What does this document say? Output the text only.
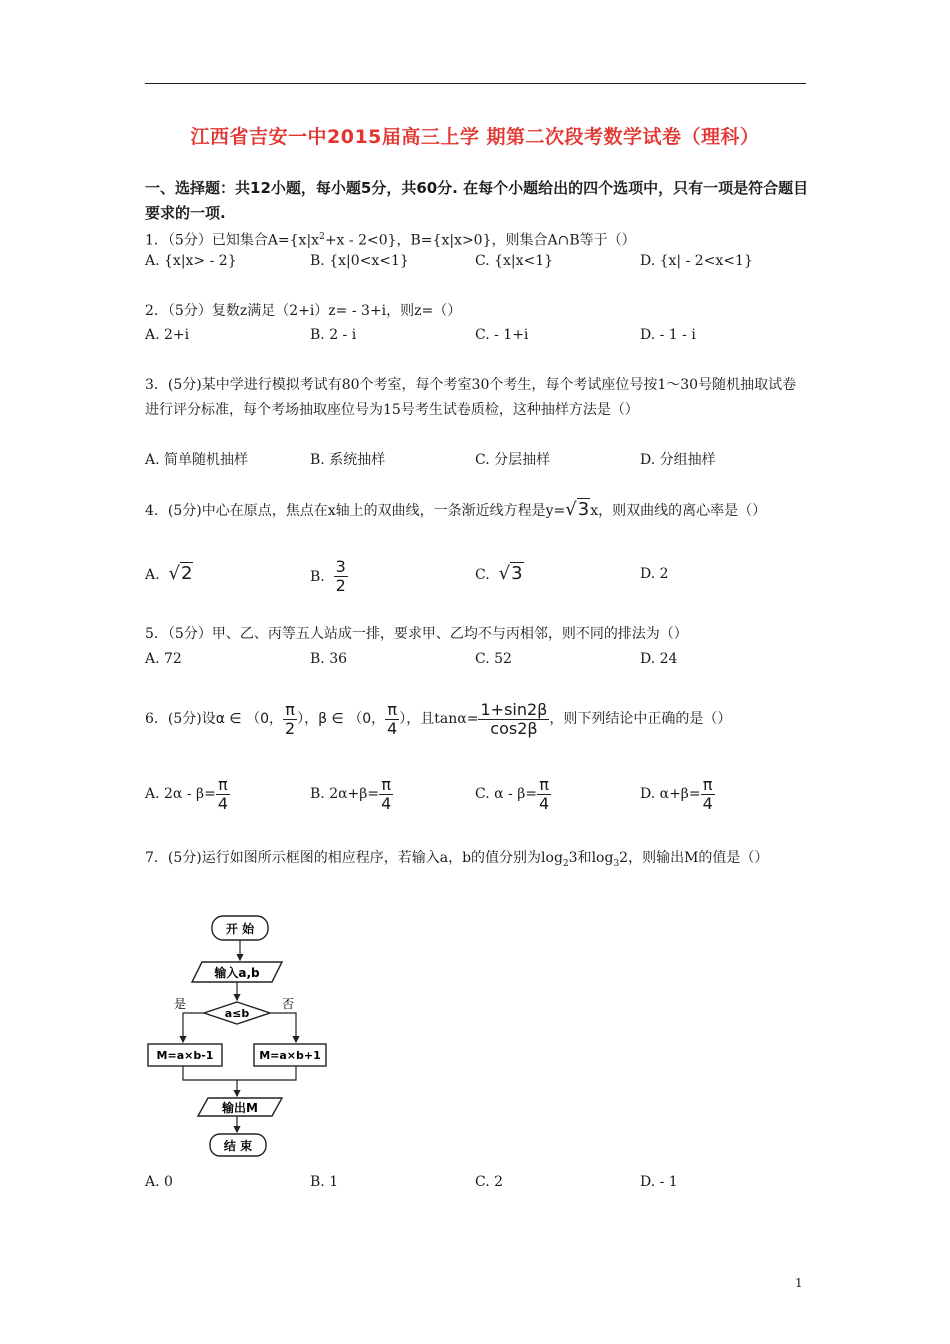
江西省吉安一中2015届高三上学 期第二次段考数学试卷（理科）
一、选择题：共12小题，每小题5分，共60分. 在每个小题给出的四个选项中，只有一项是符合题目要求的一项.
1．（5分）已知集合$A=\{x|x^2+x - 2<0\}$，B={x|x>0}，则集合A∩B等于（）
A. {x|x> - 2}	B. {x|0<x<1}	C. {x|x<1}	D. {x| - 2<x<1}
2．（5分）复数z满足（2+i）z= - 3+i，则z=（）
A. 2+i	B. 2 - i	C. - 1+i	D. - 1 - i
3．(5分)某中学进行模拟考试有80个考室，每个考室30个考生，每个考试座位号按1～30号随机抽取试卷进行评分标准，每个考场抽取座位号为15号考生试卷质检，这种抽样方法是（）
A. 简单随机抽样	B. 系统抽样	C. 分层抽样	D. 分组抽样
4．(5分)中心在原点，焦点在x轴上的双曲线，一条渐近线方程是y=√3x，则双曲线的离心率是（）
A. √2	B. $\frac{3}{2}$	C. √3	D. 2
5．（5分）甲、乙、丙等五人站成一排，要求甲、乙均不与丙相邻，则不同的排法为（）
A. 72	B. 36	C. 52	D. 24
6．(5分)设α ∈ （0， $\frac{\pi}{2}$ ），β ∈ （0， $\frac{\pi}{4}$ ），且$\tan\alpha= \frac{1+\sin 2\beta}{\cos 2\beta}$ ，则下列结论中正确的是（）
A. $2\alpha - \beta= \frac{\pi}{4}$	B. $2\alpha+\beta= \frac{\pi}{4}$	C. $\alpha - \beta= \frac{\pi}{4}$	D. $\alpha+\beta= \frac{\pi}{4}$
7．(5分)运行如图所示框图的相应程序，若输入a，b的值分别为$\log_23$和$\log_32$，则输出M的值是（）
开 始
输入a,b
a≤b
是	否
M=a×b-1	M=a×b+1
输出M
结 束
A. 0	B. 1	C. 2	D. - 1
1
